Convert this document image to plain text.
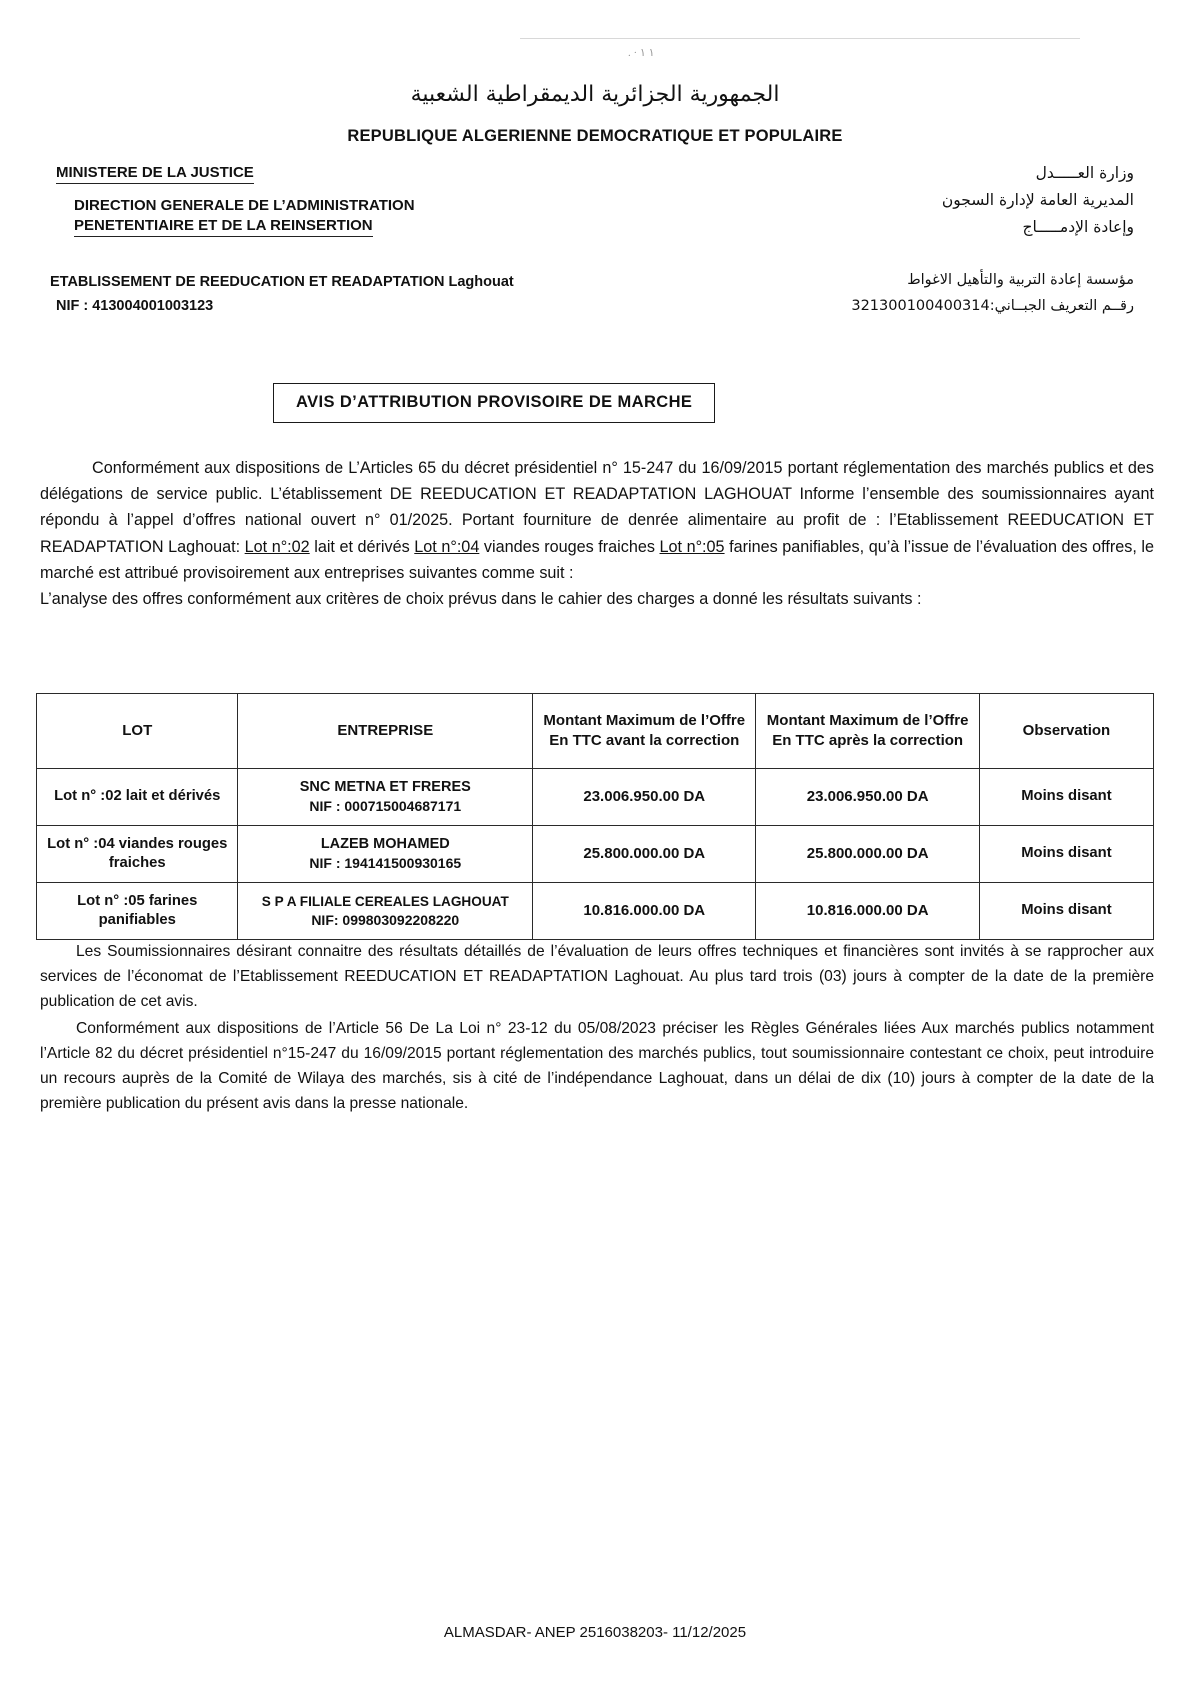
. · ١ ١
الجمهورية الجزائرية الديمقراطية الشعبية
REPUBLIQUE ALGERIENNE DEMOCRATIQUE ET POPULAIRE
MINISTERE DE LA JUSTICE
DIRECTION GENERALE DE L’ADMINISTRATION
PENETENTIAIRE ET DE LA REINSERTION
وزارة العـــــدل
المديرية العامة لإدارة السجون
وإعادة الإدمـــــاج
ETABLISSEMENT DE REEDUCATION ET READAPTATION Laghouat
NIF : 413004001003123
مؤسسة إعادة التربية والتأهيل الاغواط
رقــم التعريف الجبــاني:413004001003123
AVIS D’ATTRIBUTION PROVISOIRE DE MARCHE

Conformément aux dispositions de L’Articles 65 du décret présidentiel n° 15-247 du 16/09/2015 portant réglementation des marchés publics et des délégations de service public. L’établissement DE REEDUCATION ET READAPTATION LAGHOUAT Informe l’ensemble des soumissionnaires ayant répondu à l’appel d’offres national ouvert n° 01/2025. Portant fourniture de denrée alimentaire au profit de : l’Etablissement REEDUCATION ET READAPTATION Laghouat: Lot n°:02 lait et dérivés Lot n°:04 viandes rouges fraiches Lot n°:05 farines panifiables, qu’à l’issue de l’évaluation des offres, le marché est attribué provisoirement aux entreprises suivantes comme suit :

L’analyse des offres conformément aux critères de choix prévus dans le cahier des charges a donné les résultats suivants :

LOT	ENTREPRISE	Montant Maximum de l’Offre En TTC avant la correction	Montant Maximum de l’Offre En TTC après la correction	Observation
Lot n° :02 lait et dérivés	SNC METNA ET FRERES
NIF : 000715004687171	23.006.950.00 DA	23.006.950.00 DA	Moins disant
Lot n° :04 viandes rouges fraiches	LAZEB MOHAMED
NIF : 194141500930165	25.800.000.00 DA	25.800.000.00 DA	Moins disant
Lot n° :05 farines panifiables	S P A FILIALE CEREALES LAGHOUAT
NIF: 099803092208220	10.816.000.00 DA	10.816.000.00 DA	Moins disant

Les Soumissionnaires désirant connaitre des résultats détaillés de l’évaluation de leurs offres techniques et financières sont invités à se rapprocher aux services de l’économat de l’Etablissement REEDUCATION ET READAPTATION Laghouat. Au plus tard trois (03) jours à compter de la date de la première publication de cet avis.

Conformément aux dispositions de l’Article 56 De La Loi n° 23-12 du 05/08/2023 préciser les Règles Générales liées Aux marchés publics notamment l’Article 82 du décret présidentiel n°15-247 du 16/09/2015 portant réglementation des marchés publics, tout soumissionnaire contestant ce choix, peut introduire un recours auprès de la Comité de Wilaya des marchés, sis à cité de l’indépendance Laghouat, dans un délai de dix (10) jours à compter de la date de la première publication du présent avis dans la presse nationale.

ALMASDAR- ANEP 2516038203- 11/12/2025
